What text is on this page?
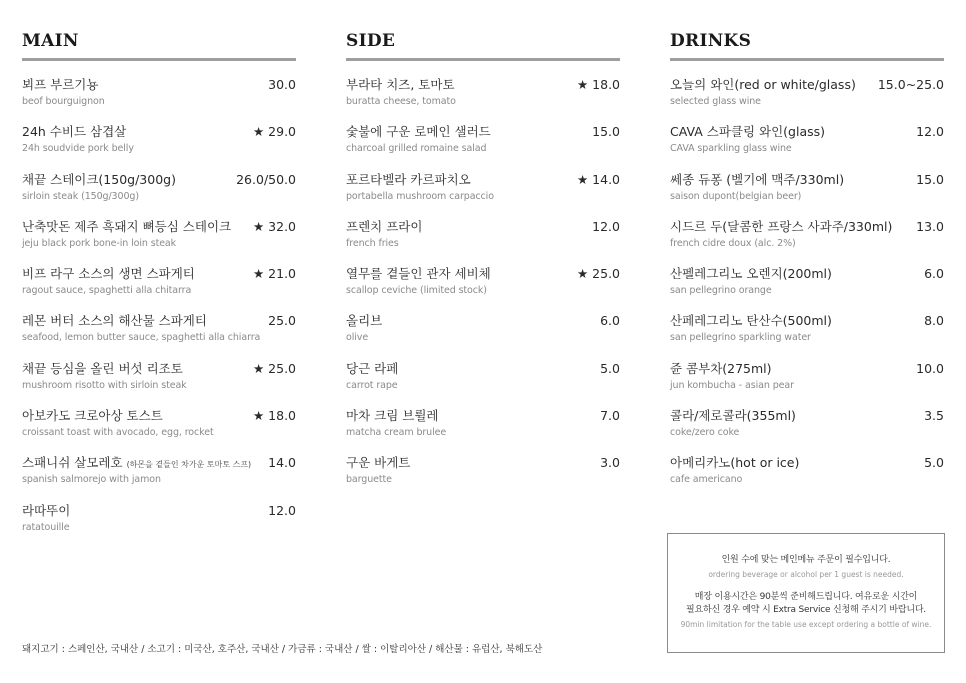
MAIN
뵈프 부르기뇽	30.0
beof bourguignon
24h 수비드 삼겹살	★ 29.0
24h soudvide pork belly
채끝 스테이크(150g/300g)	26.0/50.0
sirloin steak (150g/300g)
난축맛돈 제주 흑돼지 뼈등심 스테이크 ★ 32.0
jeju black pork bone-in loin steak
비프 라구 소스의 생면 스파게티	★ 21.0
ragout sauce, spaghetti alla chitarra
레몬 버터 소스의 해산물 스파게티	25.0
seafood, lemon butter sauce, spaghetti alla chiarra
채끝 등심을 올린 버섯 리조토	★ 25.0
mushroom risotto with sirloin steak
아보카도 크로아상 토스트	★ 18.0
croissant toast with avocado, egg, rocket
스패니쉬 살모레호 (하몬을 곁들인 차가운 토마토 스프) 14.0
spanish salmorejo with jamon
라따뚜이	12.0
ratatouille
SIDE
부라타 치즈, 토마토	★ 18.0
buratta cheese, tomato
숯불에 구운 로메인 샐러드	15.0
charcoal grilled romaine salad
포르타벨라 카르파치오	★ 14.0
portabella mushroom carpaccio
프렌치 프라이	12.0
french fries
열무를 곁들인 관자 세비체	★ 25.0
scallop ceviche (limited stock)
올리브	6.0
olive
당근 라페	5.0
carrot rape
마차 크림 브륄레	7.0
matcha cream brulee
구운 바게트	3.0
barguette
DRINKS
오늘의 와인(red or white/glass) 15.0~25.0
selected glass wine
CAVA 스파클링 와인(glass)	12.0
CAVA sparkling glass wine
쎄종 듀퐁 (벨기에 맥주/330ml)	15.0
saison dupont(belgian beer)
시드르 두(달콤한 프랑스 사과주/330ml) 13.0
french cidre doux (alc. 2%)
산펠레그리노 오렌지(200ml)	6.0
san pellegrino orange
산페레그리노 탄산수(500ml)	8.0
san pellegrino sparkling water
쥰 콤부차(275ml)	10.0
jun kombucha - asian pear
콜라/제로콜라(355ml)	3.5
coke/zero coke
아메리카노(hot or ice)	5.0
cafe americano
인원 수에 맞는 메인메뉴 주문이 필수입니다.
ordering beverage or alcohol per 1 guest is needed.
매장 이용시간은 90분씩 준비해드립니다. 여유로운 시간이
필요하신 경우 예약 시 Extra Service 신청해 주시기 바랍니다.
90min limitation for the table use except ordering a bottle of wine.
돼지고기 : 스페인산, 국내산 / 소고기 : 미국산, 호주산, 국내산 / 가금류 : 국내산 / 쌀 : 이탈리아산 / 해산물 : 유럽산, 북해도산
